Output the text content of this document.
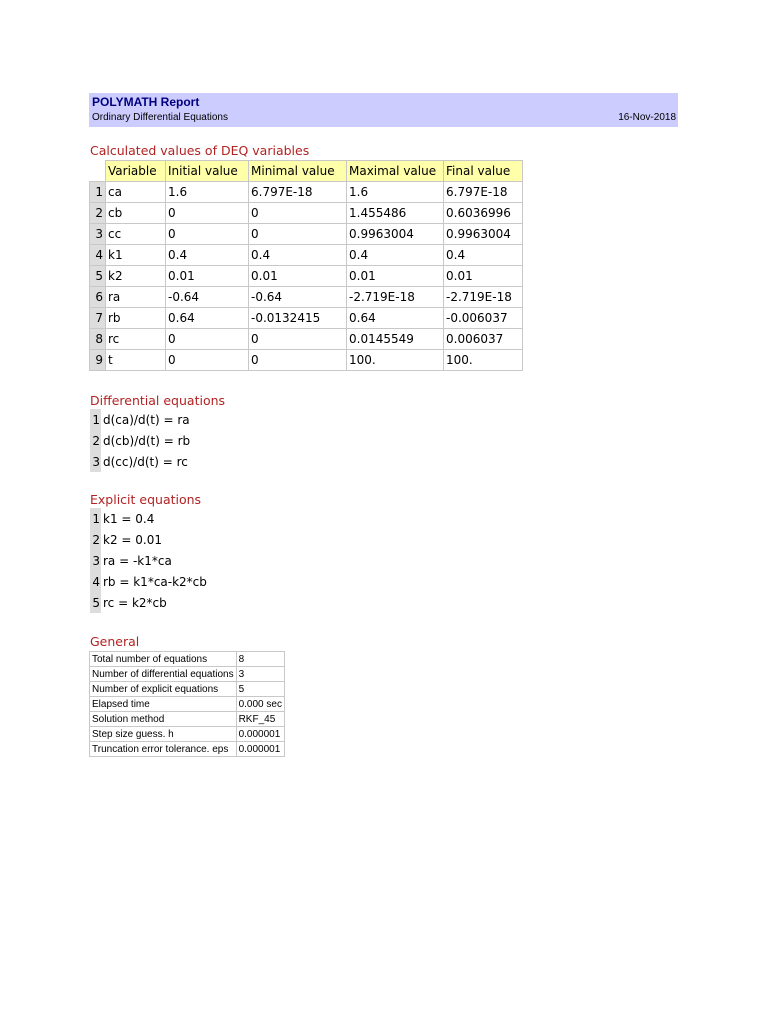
POLYMATH Report
Ordinary Differential Equations	16-Nov-2018
Calculated values of DEQ variables
	Variable	Initial value	Minimal value	Maximal value	Final value
1	ca	1.6	6.797E-18	1.6	6.797E-18
2	cb	0	0	1.455486	0.6036996
3	cc	0	0	0.9963004	0.9963004
4	k1	0.4	0.4	0.4	0.4
5	k2	0.01	0.01	0.01	0.01
6	ra	-0.64	-0.64	-2.719E-18	-2.719E-18
7	rb	0.64	-0.0132415	0.64	-0.006037
8	rc	0	0	0.0145549	0.006037
9	t	0	0	100.	100.
Differential equations
1	d(ca)/d(t) = ra
2	d(cb)/d(t) = rb
3	d(cc)/d(t) = rc
Explicit equations
1	k1 = 0.4
2	k2 = 0.01
3	ra = -k1*ca
4	rb = k1*ca-k2*cb
5	rc = k2*cb
General
Total number of equations	8
Number of differential equations	3
Number of explicit equations	5
Elapsed time	0.000 sec
Solution method	RKF_45
Step size guess. h	0.000001
Truncation error tolerance. eps	0.000001
